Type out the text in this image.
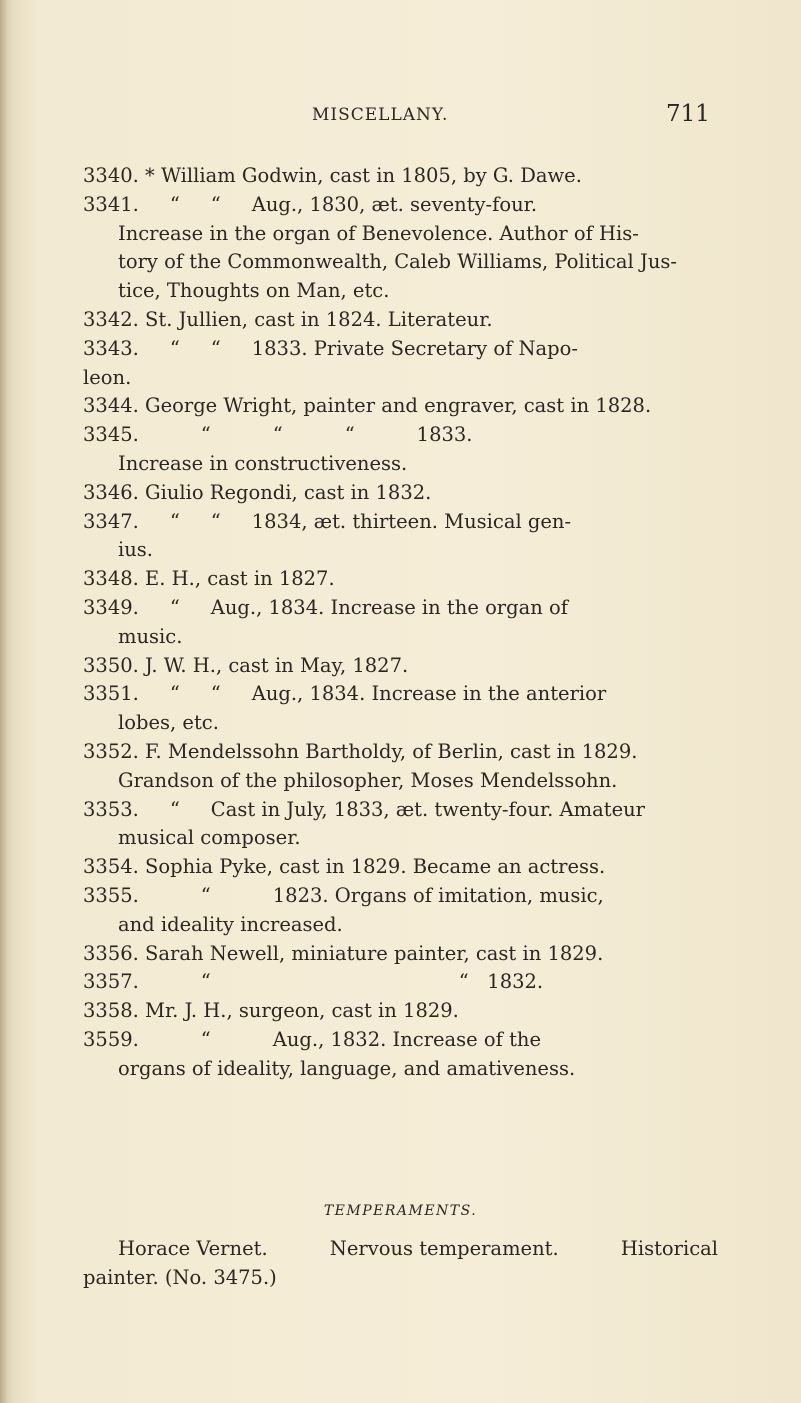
MISCELLANY.	711

3340. * William Godwin, cast in 1805, by G. Dawe.

3341.     “     “     Aug., 1830, æt. seventy-four.
Increase in the organ of Benevolence. Author of His-
tory of the Commonwealth, Caleb Williams, Political Jus-
tice, Thoughts on Man, etc.

3342. St. Jullien, cast in 1824. Literateur.

3343.     “     “     1833. Private Secretary of Napo-
leon.

3344. George Wright, painter and engraver, cast in 1828.

3345.          “          “          “          1833.
Increase in constructiveness.

3346. Giulio Regondi, cast in 1832.

3347.     “     “     1834, æt. thirteen. Musical gen-
ius.

3348. E. H., cast in 1827.

3349.     “     Aug., 1834. Increase in the organ of
music.

3350. J. W. H., cast in May, 1827.

3351.     “     “     Aug., 1834. Increase in the anterior
lobes, etc.

3352. F. Mendelssohn Bartholdy, of Berlin, cast in 1829.
Grandson of the philosopher, Moses Mendelssohn.

3353.     “     Cast in July, 1833, æt. twenty-four. Amateur
musical composer.

3354. Sophia Pyke, cast in 1829. Became an actress.

3355.          “          1823. Organs of imitation, music,
and ideality increased.

3356. Sarah Newell, miniature painter, cast in 1829.

3357.          “                                        “   1832.

3358. Mr. J. H., surgeon, cast in 1829.

3559.          “          Aug., 1832. Increase of the
organs of ideality, language, and amativeness.

TEMPERAMENTS.
Horace Vernet.	Nervous temperament.	Historical
painter. (No. 3475.)
